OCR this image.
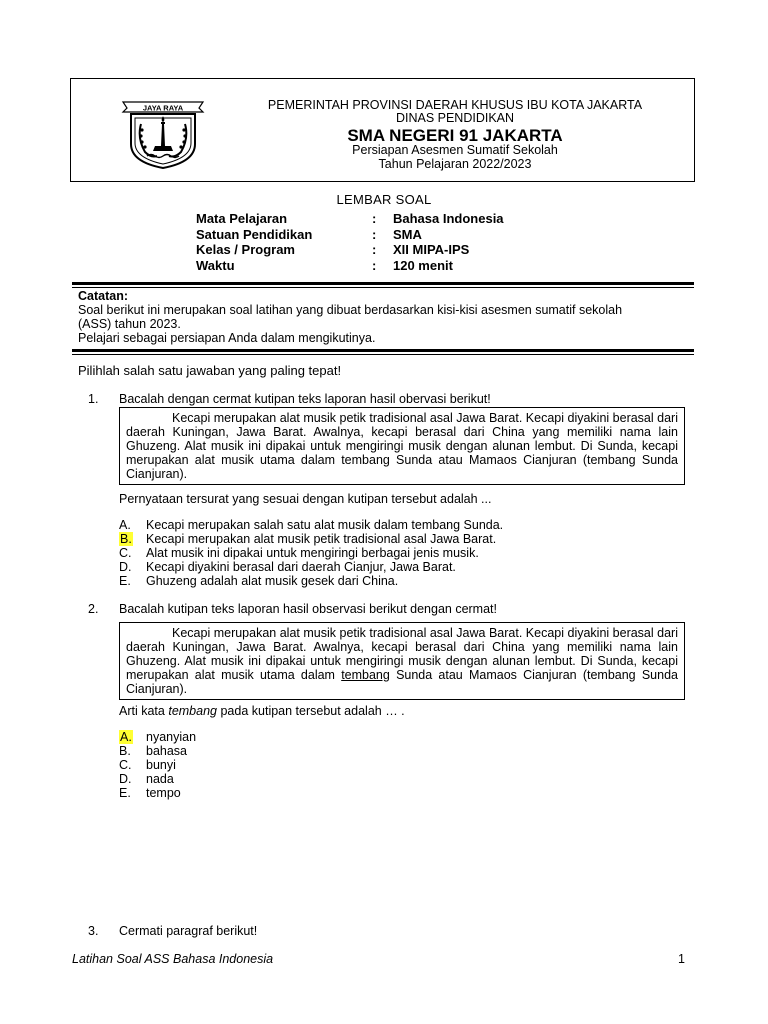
JAYA RAYA	PEMERINTAH PROVINSI DAERAH KHUSUS IBU KOTA JAKARTA
DINAS PENDIDIKAN
SMA NEGERI 91 JAKARTA
Persiapan Asesmen Sumatif Sekolah
Tahun Pelajaran 2022/2023
LEMBAR SOAL
Mata Pelajaran	: Bahasa Indonesia
Satuan Pendidikan	: SMA
Kelas / Program	: XII MIPA-IPS
Waktu	: 120 menit
Catatan:
Soal berikut ini merupakan soal latihan yang dibuat berdasarkan kisi-kisi asesmen sumatif sekolah
(ASS) tahun 2023.
Pelajari sebagai persiapan Anda dalam mengikutinya.
Pilihlah salah satu jawaban yang paling tepat!
1. Bacalah dengan cermat kutipan teks laporan hasil obervasi berikut!
Kecapi merupakan alat musik petik tradisional asal Jawa Barat. Kecapi diyakini berasal dari daerah Kuningan, Jawa Barat. Awalnya, kecapi berasal dari China yang memiliki nama lain Ghuzeng. Alat musik ini dipakai untuk mengiringi musik dengan alunan lembut. Di Sunda, kecapi merupakan alat musik utama dalam tembang Sunda atau Mamaos Cianjuran (tembang Sunda Cianjuran).
Pernyataan tersurat yang sesuai dengan kutipan tersebut adalah ...
A. Kecapi merupakan salah satu alat musik dalam tembang Sunda.
B. Kecapi merupakan alat musik petik tradisional asal Jawa Barat.
C. Alat musik ini dipakai untuk mengiringi berbagai jenis musik.
D. Kecapi diyakini berasal dari daerah Cianjur, Jawa Barat.
E. Ghuzeng adalah alat musik gesek dari China.
2. Bacalah kutipan teks laporan hasil observasi berikut dengan cermat!
Kecapi merupakan alat musik petik tradisional asal Jawa Barat. Kecapi diyakini berasal dari daerah Kuningan, Jawa Barat. Awalnya, kecapi berasal dari China yang memiliki nama lain Ghuzeng. Alat musik ini dipakai untuk mengiringi musik dengan alunan lembut. Di Sunda, kecapi merupakan alat musik utama dalam tembang Sunda atau Mamaos Cianjuran (tembang Sunda Cianjuran).
Arti kata tembang pada kutipan tersebut adalah … .
A. nyanyian
B. bahasa
C. bunyi
D. nada
E. tempo
3. Cermati paragraf berikut!
Latihan Soal ASS Bahasa Indonesia	1
